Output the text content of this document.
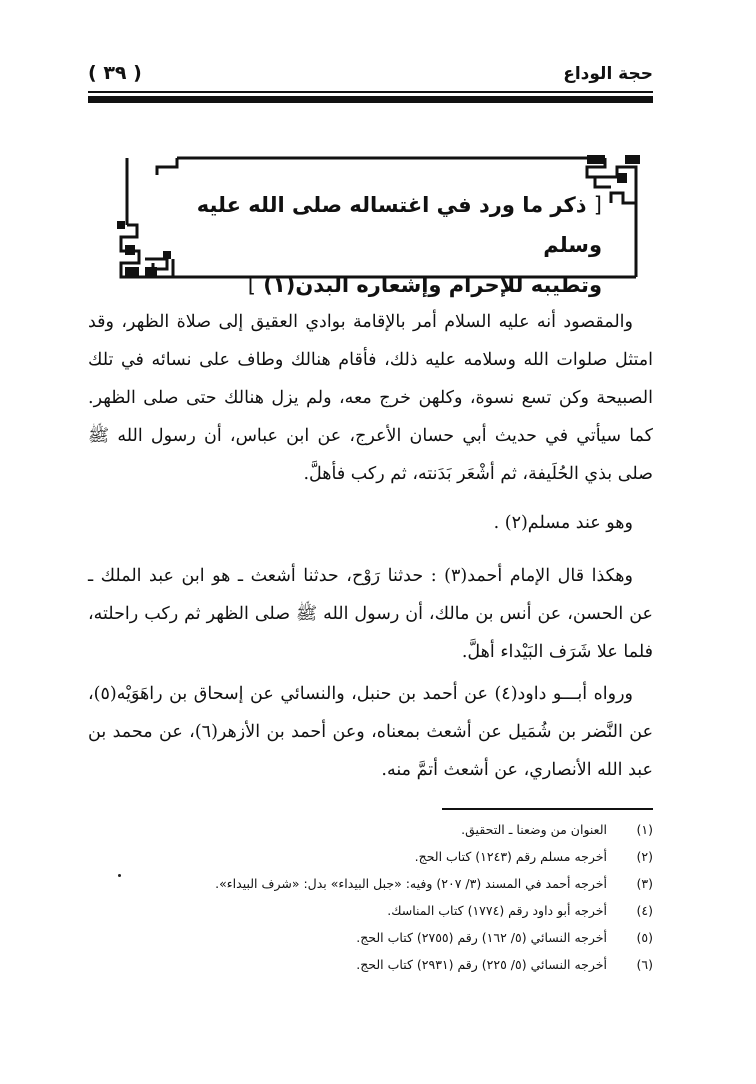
حجة الوداع
( ٣٩ )
[ ذكر ما ورد في اغتساله صلى الله عليه وسلم
وتطيبه للإحرام وإشعاره البدن(١) ]

والمقصود أنه عليه السلام أمر بالإقامة بوادي العقيق إلى صلاة الظهر، وقد امتثل صلوات الله وسلامه عليه ذلك، فأقام هنالك وطاف على نسائه في تلك الصبيحة وكن تسع نسوة، وكلهن خرج معه، ولم يزل هنالك حتى صلى الظهر. كما سيأتي في حديث أبي حسان الأعرج، عن ابن عباس، أن رسول الله ﷺ صلى بذي الحُلَيفة، ثم أشْعَر بَدَنته، ثم ركب فأهلَّ.

وهو عند مسلم(٢) .

وهكذا قال الإمام أحمد(٣) : حدثنا رَوْح، حدثنا أشعث ـ هو ابن عبد الملك ـ عن الحسن، عن أنس بن مالك، أن رسول الله ﷺ صلى الظهر ثم ركب راحلته، فلما علا شَرَف البَيْداء أهلَّ.

ورواه أبـــو داود(٤) عن أحمد بن حنبل، والنسائي عن إسحاق بن راهَوَيْه(٥)، عن النَّضر بن شُمَيل عن أشعث بمعناه، وعن أحمد بن الأزهر(٦)، عن محمد بن عبد الله الأنصاري، عن أشعث أتمَّ منه.

(١)
العنوان من وضعنا ـ التحقيق.
(٢)
أخرجه مسلم رقم (١٢٤٣) كتاب الحج.
(٣)
أخرجه أحمد في المسند (٣/ ٢٠٧) وفيه: «جبل البيداء» بدل: «شرف البيداء».
(٤)
أخرجه أبو داود رقم (١٧٧٤) كتاب المناسك.
(٥)
أخرجه النسائي (٥/ ١٦٢) رقم (٢٧٥٥) كتاب الحج.
(٦)
أخرجه النسائي (٥/ ٢٢٥) رقم (٢٩٣١) كتاب الحج.
